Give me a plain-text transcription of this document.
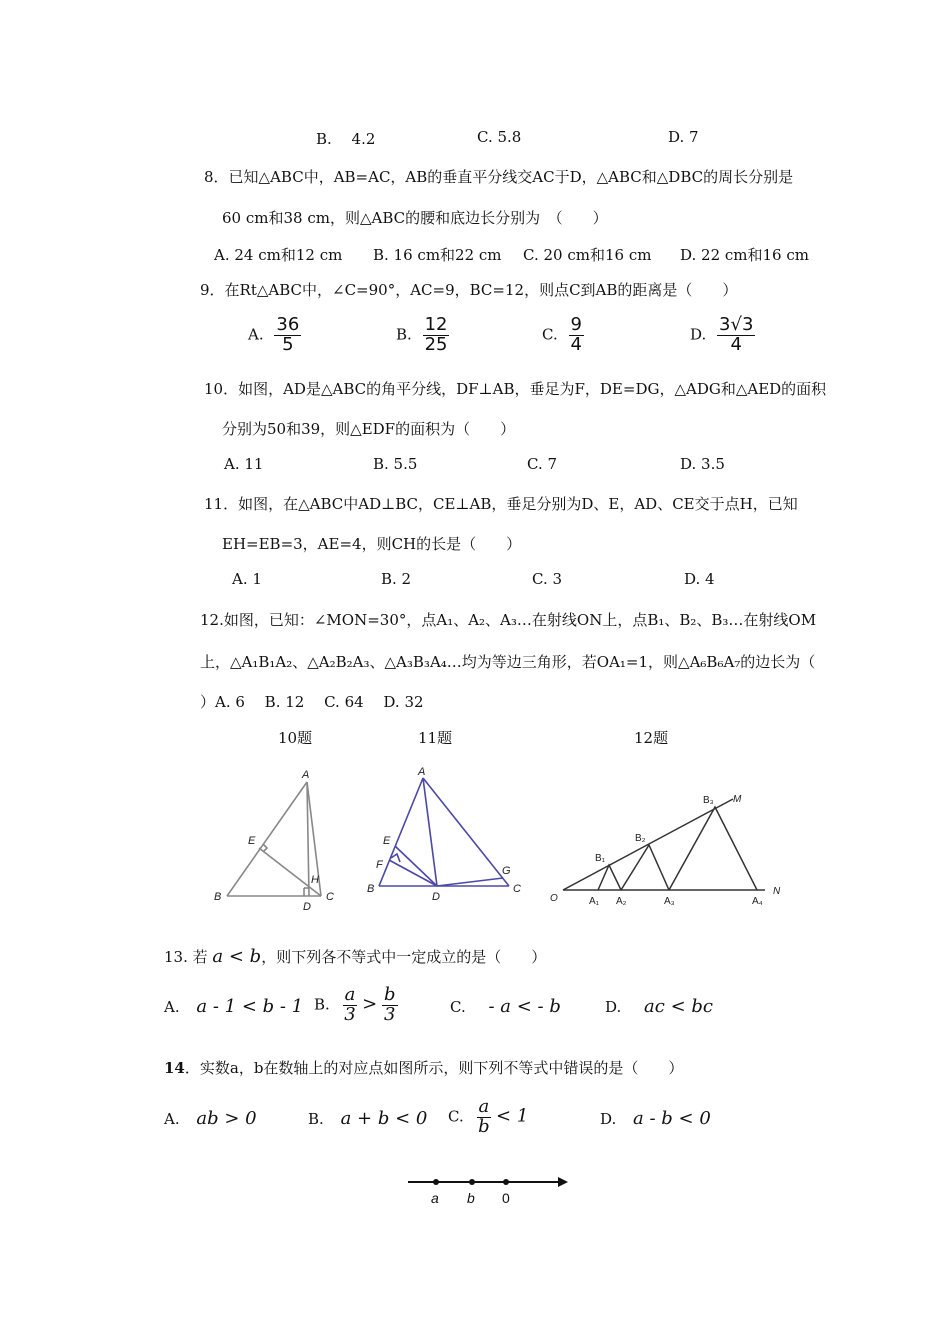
B.　 4.2	C. 5.8	D. 7
8．已知△ABC中，AB=AC，AB的垂直平分线交AC于D，△ABC和△DBC的周长分别是
60 cm和38 cm，则△ABC的腰和底边长分别为　（　　）
A. 24 cm和12 cm B. 16 cm和22 cm C. 20 cm和16 cm D. 22 cm和16 cm
9．在Rt△ABC中，∠C=90°，AC=9，BC=12，则点C到AB的距离是（　　）
A. $\frac{36}{5}$	B. $\frac{12}{25}$	C. $\frac{9}{4}$	D. $\frac{3√3}{4}$
10．如图，AD是△ABC的角平分线，DF⊥AB，垂足为F，DE=DG，△ADG和△AED的面积
分别为50和39，则△EDF的面积为（　　）
A. 11	B. 5.5	C. 7	D. 3.5
11．如图，在△ABC中AD⊥BC，CE⊥AB，垂足分别为D、E，AD、CE交于点H，已知
EH=EB=3，AE=4，则CH的长是（　　）
A. 1	B. 2	C. 3	D. 4
12.如图，已知：∠MON=30°，点A₁、A₂、A₃…在射线ON上，点B₁、B₂、B₃…在射线OM
上，△A₁B₁A₂、△A₂B₂A₃、△A₃B₃A₄…均为等边三角形，若OA₁=1，则△A₆B₆A₇的边长为（
）A. 6　 B. 12　 C. 64　 D. 32
10题	11题	12题
A
B	C
D
E
H
A
B	C
D
E
F	G
O
N
M
A₁ A₂	A₃	A₄
B₁
B₂
B₃
13. 若 a < b，则下列各不等式中一定成立的是（　　）
A. a - 1 < b - 1 B. $\frac{a}{3} > \frac{b}{3}$	C. - a < - b	D. ac < bc
14．实数a，b在数轴上的对应点如图所示，则下列不等式中错误的是（　　）
A. ab > 0	B. a + b < 0 C. $\frac{a}{b} < 1$	D. a - b < 0
a b 0
